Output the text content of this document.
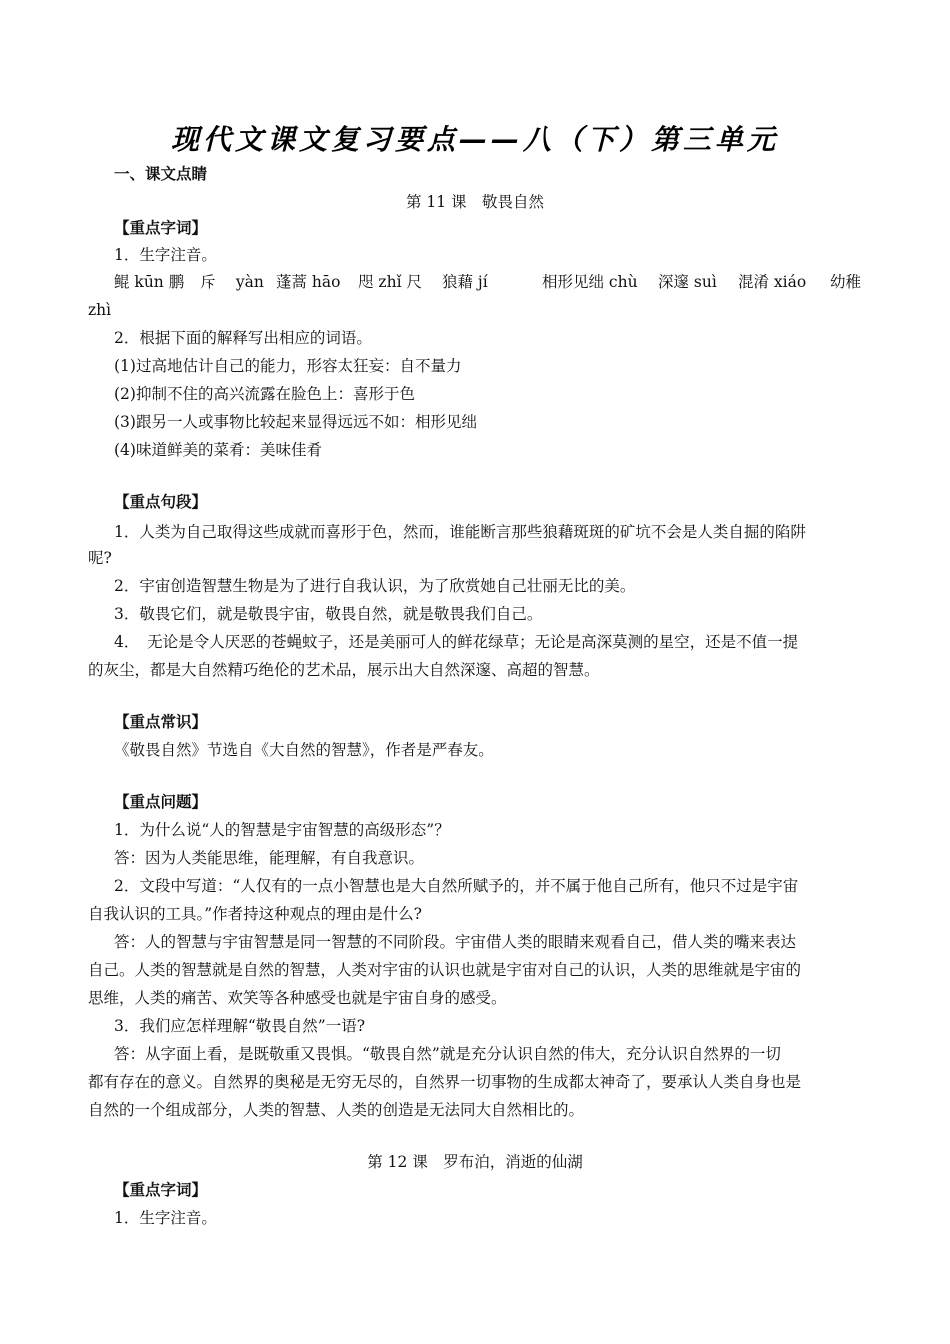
现代文课文复习要点——八（下）第三单元
一、课文点睛
第 11 课　敬畏自然
【重点字词】
1．生字注音。
鲲 kūn 鹏 斥　 yàn 蓬蒿 hāo 咫 zhǐ 尺 狼藉 jí	相形见绌 chù 深邃 suì 混淆 xiáo 幼稚
zhì
2．根据下面的解释写出相应的词语。
(1)过高地估计自己的能力，形容太狂妄：自不量力
(2)抑制不住的高兴流露在脸色上：喜形于色
(3)跟另一人或事物比较起来显得远远不如：相形见绌
(4)味道鲜美的菜肴：美味佳肴
【重点句段】
1．人类为自己取得这些成就而喜形于色，然而，谁能断言那些狼藉斑斑的矿坑不会是人类自掘的陷阱
呢?
2．宇宙创造智慧生物是为了进行自我认识，为了欣赏她自己壮丽无比的美。
3．敬畏它们，就是敬畏宇宙，敬畏自然，就是敬畏我们自己。
4．　无论是令人厌恶的苍蝇蚊子，还是美丽可人的鲜花绿草；无论是高深莫测的星空，还是不值一提
的灰尘，都是大自然精巧绝伦的艺术品，展示出大自然深邃、高超的智慧。
【重点常识】
《敬畏自然》节选自《大自然的智慧》，作者是严春友。
【重点问题】
1．为什么说“人的智慧是宇宙智慧的高级形态”？
答：因为人类能思维，能理解，有自我意识。
2．文段中写道：“人仅有的一点小智慧也是大自然所赋予的，并不属于他自己所有，他只不过是宇宙
自我认识的工具。”作者持这种观点的理由是什么?
答：人的智慧与宇宙智慧是同一智慧的不同阶段。宇宙借人类的眼睛来观看自己，借人类的嘴来表达
自己。人类的智慧就是自然的智慧，人类对宇宙的认识也就是宇宙对自己的认识，人类的思维就是宇宙的
思维，人类的痛苦、欢笑等各种感受也就是宇宙自身的感受。
3．我们应怎样理解“敬畏自然”一语?
答：从字面上看，是既敬重又畏惧。“敬畏自然”就是充分认识自然的伟大，充分认识自然界的一切
都有存在的意义。自然界的奥秘是无穷无尽的，自然界一切事物的生成都太神奇了，要承认人类自身也是
自然的一个组成部分，人类的智慧、人类的创造是无法同大自然相比的。
第 12 课　罗布泊，消逝的仙湖
【重点字词】
1．生字注音。
